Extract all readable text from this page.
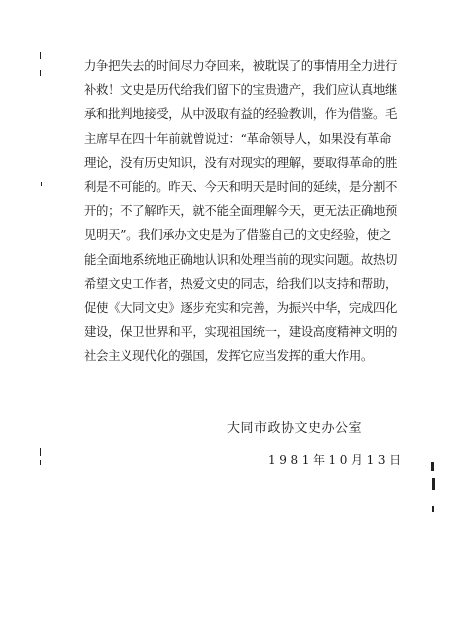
力争把失去的时间尽力夺回来，被耽误了的事情用全力进行
补救！文史是历代给我们留下的宝贵遗产，我们应认真地继
承和批判地接受，从中汲取有益的经验教训，作为借鉴。毛
主席早在四十年前就曾说过：“革命领导人，如果没有革命
理论，没有历史知识，没有对现实的理解，要取得革命的胜
利是不可能的。昨天、今天和明天是时间的延续，是分割不
开的；不了解昨天，就不能全面理解今天，更无法正确地预
见明天”。我们承办文史是为了借鉴自己的文史经验，使之
能全面地系统地正确地认识和处理当前的现实问题。故热切
希望文史工作者，热爱文史的同志，给我们以支持和帮助，
促使《大同文史》逐步充实和完善，为振兴中华，完成四化
建设，保卫世界和平，实现祖国统一，建设高度精神文明的
社会主义现代化的强国，发挥它应当发挥的重大作用。
大同市政协文史办公室
1981年10月13日
